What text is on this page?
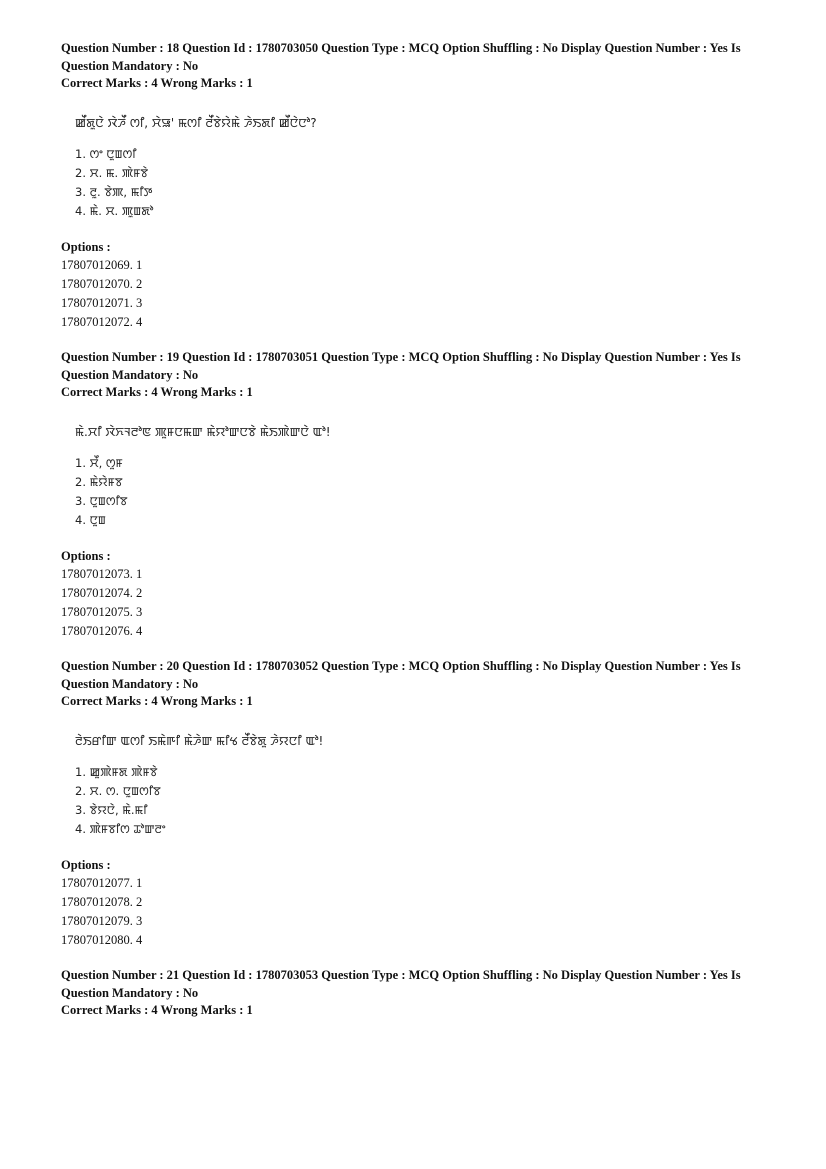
Question Number : 18 Question Id : 1780703050 Question Type : MCQ Option Shuffling : No Display Question Number : Yes Is
Question Mandatory : No
Correct Marks : 4 Wrong Marks : 1
ꯀꯩꯗꯨꯅꯥ ꯋꯥꯍꯩ ꯁꯤ, ꯆꯥꯎ' ꯃꯁꯤ ꯂꯩꯕꯥꯌꯥꯃꯥ ꯍꯥꯏꯗꯤ ꯀꯩꯅꯥꯅꯣ?
1. ꯁꯦ ꯅꯨꯡꯁꯤ
2. ꯆ. ꯃ. ꯄꯥꯝꯕꯥ
3. ꯂꯨ. ꯕꯥꯄ, ꯃꯤꯇ
4. ꯃꯥ. ꯆ. ꯄꯨꯡꯗꯣ
Options :
17807012069. 1
17807012070. 2
17807012071. 3
17807012072. 4
Question Number : 19 Question Id : 1780703051 Question Type : MCQ Option Shuffling : No Display Question Number : Yes Is
Question Mandatory : No
Correct Marks : 4 Wrong Marks : 1
ꯃꯥ.ꯆꯤ ꯋꯥꯈꯜꯂꯣꯟ ꯄꯨꯝꯅꯃꯛ ꯃꯥꯌꯣꯛꯅꯕꯥ ꯃꯥꯏꯄꯥꯛꯅꯥ ꯑꯣ!
1. ꯆꯩ, ꯁꯨꯝ
2. ꯃꯥꯌꯥꯝꯕ
3. ꯅꯨꯡꯁꯤꯕ
4. ꯅꯨꯡ
Options :
17807012073. 1
17807012074. 2
17807012075. 3
17807012076. 4
Question Number : 20 Question Id : 1780703052 Question Type : MCQ Option Shuffling : No Display Question Number : Yes Is
Question Mandatory : No
Correct Marks : 4 Wrong Marks : 1
ꯂꯥꯏꯔꯤꯛ ꯑꯁꯤ ꯏꯃꯥꯒꯤ ꯃꯥꯍꯥꯛ ꯃꯤꯠ ꯂꯩꯕꯥꯗꯨ ꯍꯥꯌꯅꯤ ꯑꯣ!
1. ꯀꯨꯄꯥꯝꯗ ꯄꯥꯝꯕꯥ
2. ꯆ. ꯁ. ꯅꯨꯡꯁꯤꯕ
3. ꯕꯥꯌꯅꯥ, ꯃꯥ.ꯃꯤ
4. ꯄꯥꯝꯕꯤꯁ ꯊꯣꯛꯂꯦ
Options :
17807012077. 1
17807012078. 2
17807012079. 3
17807012080. 4
Question Number : 21 Question Id : 1780703053 Question Type : MCQ Option Shuffling : No Display Question Number : Yes Is
Question Mandatory : No
Correct Marks : 4 Wrong Marks : 1
